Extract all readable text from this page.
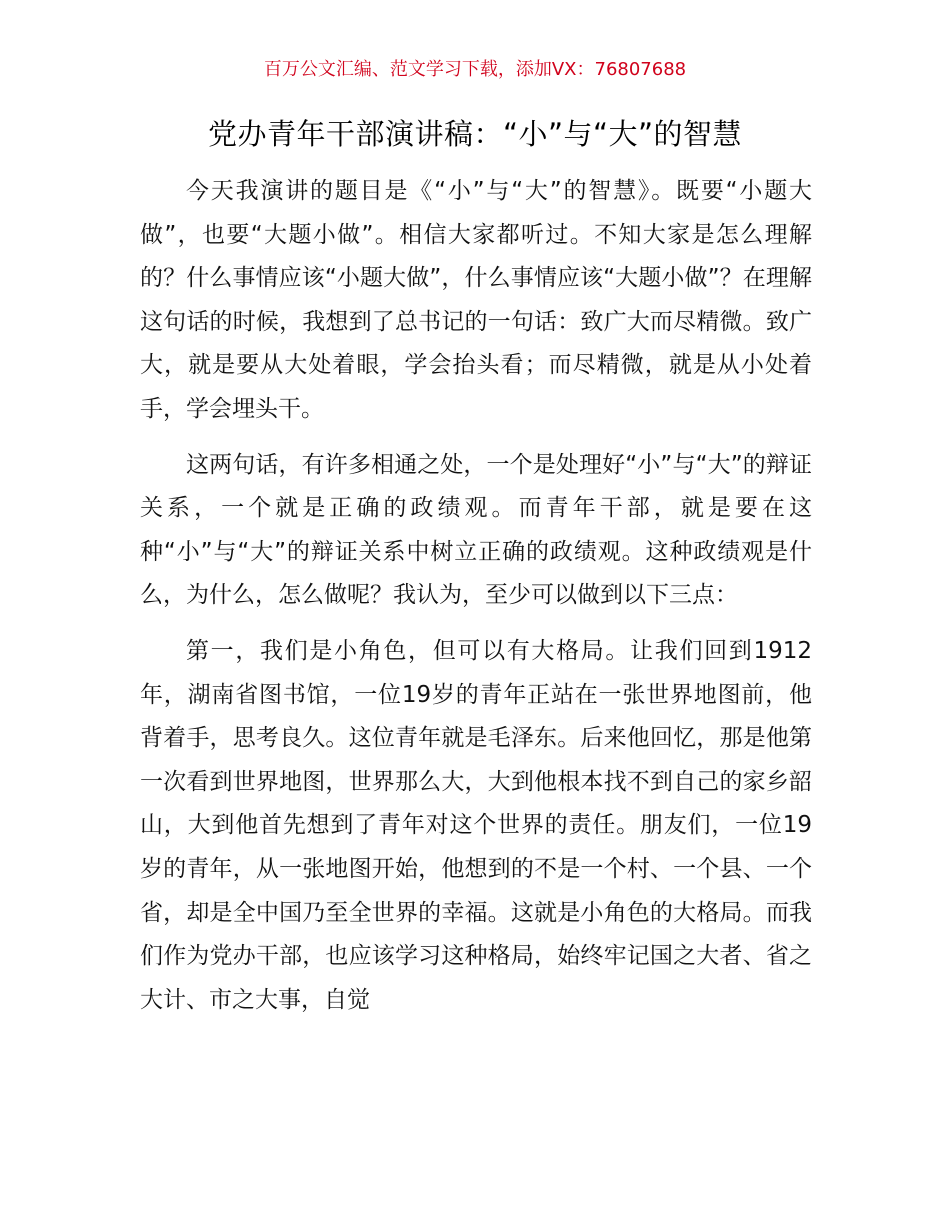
百万公文汇编、范文学习下载，添加VX：76807688
党办青年干部演讲稿：“小”与“大”的智慧

今天我演讲的题目是《“小”与“大”的智慧》。既要“小题大做”，也要“大题小做”。相信大家都听过。不知大家是怎么理解的？什么事情应该“小题大做”，什么事情应该“大题小做”？在理解这句话的时候，我想到了总书记的一句话：致广大而尽精微。致广大，就是要从大处着眼，学会抬头看；而尽精微，就是从小处着手，学会埋头干。

这两句话，有许多相通之处，一个是处理好“小”与“大”的辩证关系，一个就是正确的政绩观。而青年干部，就是要在这种“小”与“大”的辩证关系中树立正确的政绩观。这种政绩观是什么，为什么，怎么做呢？我认为，至少可以做到以下三点：

第一，我们是小角色，但可以有大格局。让我们回到1912年，湖南省图书馆，一位19岁的青年正站在一张世界地图前，他背着手，思考良久。这位青年就是毛泽东。后来他回忆，那是他第一次看到世界地图，世界那么大，大到他根本找不到自己的家乡韶山，大到他首先想到了青年对这个世界的责任。朋友们，一位19岁的青年，从一张地图开始，他想到的不是一个村、一个县、一个省，却是全中国乃至全世界的幸福。这就是小角色的大格局。而我们作为党办干部，也应该学习这种格局，始终牢记国之大者、省之大计、市之大事，自觉
